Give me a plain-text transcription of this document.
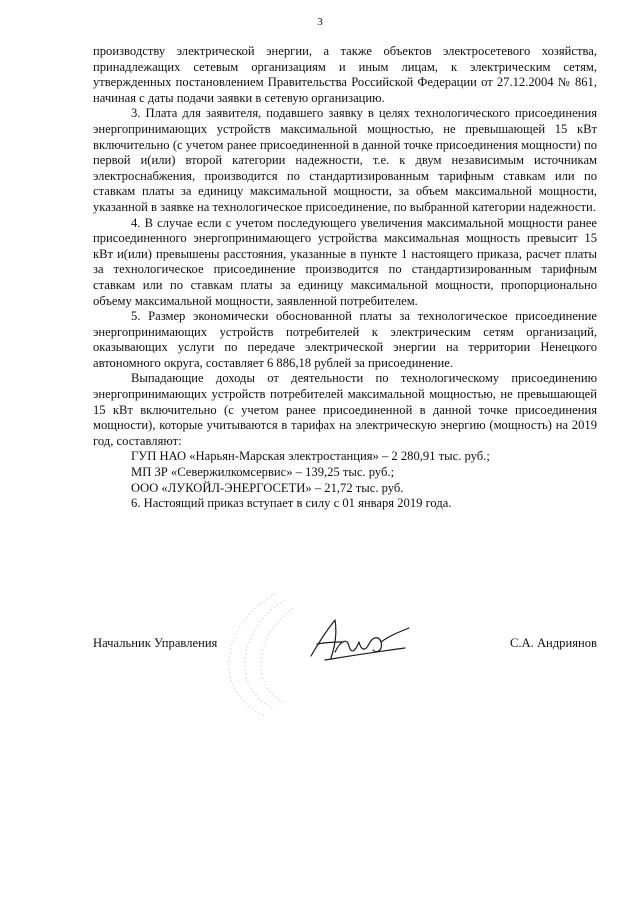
3

производству электрической энергии, а также объектов электросетевого хозяйства, принадлежащих сетевым организациям и иным лицам, к электрическим сетям, утвержденных постановлением Правительства Российской Федерации от 27.12.2004 № 861, начиная с даты подачи заявки в сетевую организацию.

3. Плата для заявителя, подавшего заявку в целях технологического присоединения энергопринимающих устройств максимальной мощностью, не превышающей 15 кВт включительно (с учетом ранее присоединенной в данной точке присоединения мощности) по первой и(или) второй категории надежности, т.е. к двум независимым источникам электроснабжения, производится по стандартизированным тарифным ставкам или по ставкам платы за единицу максимальной мощности, за объем максимальной мощности, указанной в заявке на технологическое присоединение, по выбранной категории надежности.

4. В случае если с учетом последующего увеличения максимальной мощности ранее присоединенного энергопринимающего устройства максимальная мощность превысит 15 кВт и(или) превышены расстояния, указанные в пункте 1 настоящего приказа, расчет платы за технологическое присоединение производится по стандартизированным тарифным ставкам или по ставкам платы за единицу максимальной мощности, пропорционально объему максимальной мощности, заявленной потребителем.

5. Размер экономически обоснованной платы за технологическое присоединение энергопринимающих устройств потребителей к электрическим сетям организаций, оказывающих услуги по передаче электрической энергии на территории Ненецкого автономного округа, составляет 6 886,18 рублей за присоединение.

Выпадающие доходы от деятельности по технологическому присоединению энергопринимающих устройств потребителей максимальной мощностью, не превышающей 15 кВт включительно (с учетом ранее присоединенной в данной точке присоединения мощности), которые учитываются в тарифах на электрическую энергию (мощность) на 2019 год, составляют:

ГУП НАО «Нарьян-Марская электростанция» – 2 280,91 тыс. руб.;

МП ЗР «Севержилкомсервис» – 139,25 тыс. руб.;

ООО «ЛУКОЙЛ-ЭНЕРГОСЕТИ» – 21,72 тыс. руб.

6. Настоящий приказ вступает в силу с 01 января 2019 года.

Начальник Управления	С.А. Андриянов
